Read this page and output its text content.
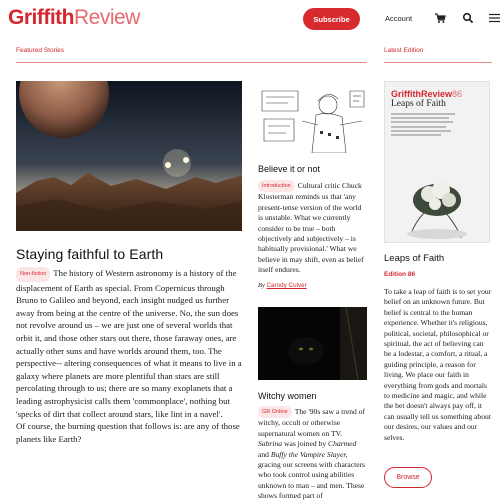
GriffithReview	Subscribe	Account
Featured Stories	Latest Edition
Staying faithful to Earth
Non-fiction The history of Western astronomy is a history of the displacement of Earth as special. From Copernicus through Bruno to Galileo and beyond, each insight nudged us further away from being at the centre of the universe. No, the sun does not revolve around us – we are just one of several worlds that orbit it, and those other stars out there, those faraway ones, are actually other suns and have worlds around them, too. The perspective-- altering consequences of what it means to live in a galaxy where planets are more plentiful than stars are still percolating through to us; there are so many exoplanets that a leading astrophysicist calls them 'commonplace', nothing but 'specks of dirt that collect around stars, like lint in a navel'.
Of course, the burning question that follows is: are any of those planets like Earth?
Believe it or not
Introduction Cultural critic Chuck Klosterman reminds us that 'any present-tense version of the world is unstable. What we currently consider to be true – both objectively and subjectively – is habitually provisional.' What we believe in may shift, even as belief itself endures.
By Carody Culver
Witchy women
GR Online The '90s saw a trend of witchy, occult or otherwise supernatural women on TV. Sabrina was joined by Charmed and Buffy the Vampire Slayer, gracing our screens with characters who took control using abilities unknown to man – and men. These shows formed part of
GriffithReview86
Leaps of Faith
Leaps of Faith
Edition 86
To take a leap of faith is to set your belief on an unknown future. But belief is central to the human experience. Whether it's religious, political, societal, philosophical or spiritual, the act of believing can be a lodestar, a comfort, a ritual, a guiding principle, a reason for living. We place our faith in everything from gods and mortals to medicine and magic, and while the bet doesn't always pay off, it can usually tell us something about our desires, our values and our selves.
Browse
